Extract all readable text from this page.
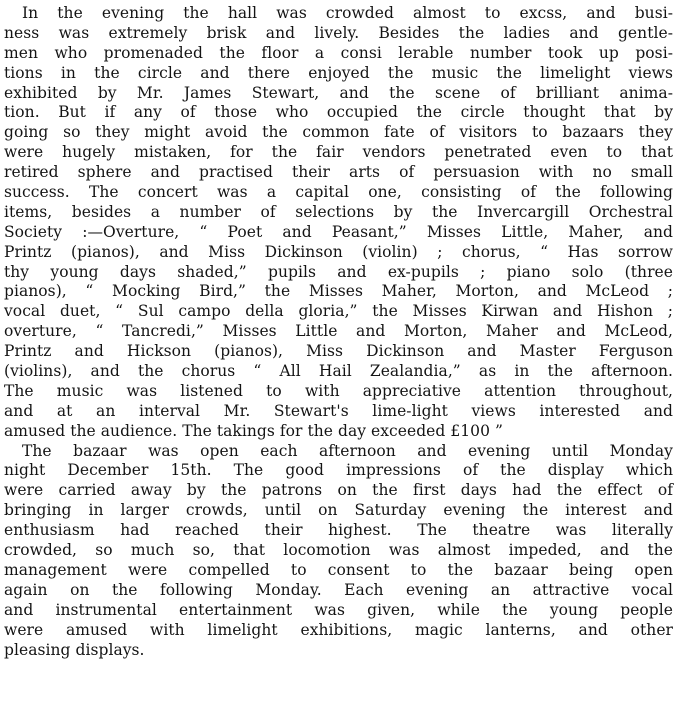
In the evening the hall was crowded almost to exc⁠ss, and busi-
ness was extremely brisk and lively. Besides the ladies and gentle-
men who promenaded the floor a consi lerable number took up posi-
tions in the circle and there enjoyed the music the limelight views
exhibited by Mr. James Stewart, and the scene of brilliant anima-
tion. But if any of those who occupied the circle thought that by
going so they might avoid the common fate of visitors to bazaars they
were hugely mistaken, for the fair vendors penetrated even to that
retired sphere and practised their arts of persuasion with no small
success. The concert was a capital one, consisting of the following
items, besides a number of selections by the Invercargill Orchestral
Society :—Overture, “ Poet and Peasant,” Misses Little, Maher, and
Printz (pianos), and Miss Dickinson (violin) ; chorus, “ Has sorrow
thy young days shaded,” pupils and ex-pupils ; piano solo (three
pianos), “ Mocking Bird,” the Misses Maher, Morton, and McLeod ;
vocal duet, “ Sul campo della gloria,” the Misses Kirwan and Hishon ;
overture, “ Tancredi,” Misses Little and Morton, Maher and McLeod,
Printz and Hickson (pianos), Miss Dickinson and Master Ferguson
(violins), and the chorus “ All Hail Zealandia,” as in the afternoon.
The music was listened to with appreciative attention throughout,
and at an interval Mr. Stewart's lime-light views interested and
amused the audience. The takings for the day exceeded £100 ”
The bazaar was open each afternoon and evening until Monday
night December 15th. The good impressions of the display which
were carried away by the patrons on the first days had the effect of
bringing in larger crowds, until on Saturday evening the interest and
enthusiasm had reached their highest. The theatre was literally
crowded, so much so, that locomotion was almost impeded, and the
management were compelled to consent to the bazaar being open
again on the following Monday. Each evening an attractive vocal
and instrumental entertainment was given, while the young people
were amused with limelight exhibitions, magic lanterns, and other
pleasing displays.
